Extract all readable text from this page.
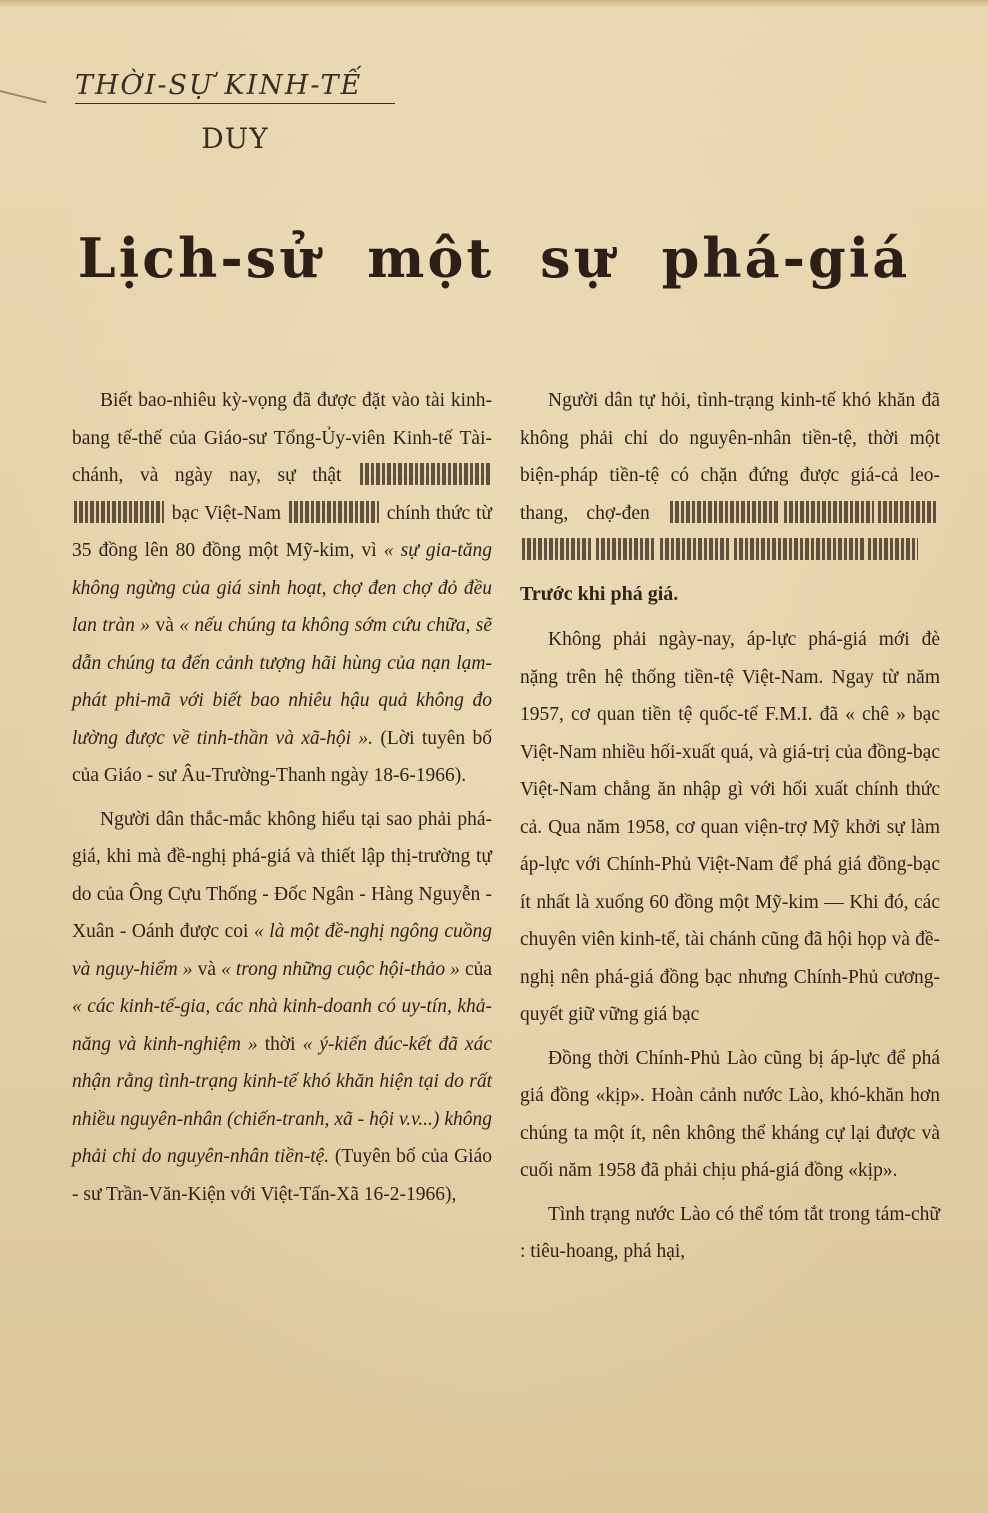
THỜI-SỰ KINH-TẾ
DUY
Lịch-sử một sự phá-giá

Biết bao-nhiêu kỳ-vọng đã được đặt vào tài kinh-bang tế-thế của Giáo-sư Tổng-Ủy-viên Kinh-tế Tài-chánh, và ngày nay, sự thật  bạc Việt-Nam	chính thức từ 35 đồng lên 80 đồng một Mỹ-kim, vì « sự gia-tăng không ngừng của giá sinh hoạt, chợ đen chợ đỏ đều lan tràn » và « nếu chúng ta không sớm cứu chữa, sẽ dẫn chúng ta đến cảnh tượng hãi hùng của nạn lạm-phát phi-mã với biết bao nhiêu hậu quả không đo lường được về tinh-thần và xã-hội ». (Lời tuyên bố của Giáo - sư Âu-Trường-Thanh ngày 18-6-1966).

Người dân thắc-mắc không hiểu tại sao phải phá-giá, khi mà đề-nghị phá-giá và thiết lập thị-trường tự do của Ông Cựu Thống - Đốc Ngân - Hàng Nguyễn - Xuân - Oánh được coi « là một đề-nghị ngông cuồng và nguy-hiểm » và « trong những cuộc hội-thảo » của « các kinh-tế-gia, các nhà kinh-doanh có uy-tín, khả-năng và kinh-nghiệm » thời « ý-kiến đúc-kết đã xác nhận rằng tình-trạng kinh-tế khó khăn hiện tại do rất nhiều nguyên-nhân (chiến-tranh, xã - hội v.v...) không phải chỉ do nguyên-nhân tiền-tệ. (Tuyên bố của Giáo - sư Trần-Văn-Kiện với Việt-Tấn-Xã 16-2-1966),

Người dân tự hỏi, tình-trạng kinh-tế khó khăn đã không phải chỉ do nguyên-nhân tiền-tệ, thời một biện-pháp tiền-tệ có chặn đứng được giá-cả leo-thang, chợ-đen

Trước khi phá giá.

Không phải ngày-nay, áp-lực phá-giá mới đè nặng trên hệ thống tiền-tệ Việt-Nam. Ngay từ năm 1957, cơ quan tiền tệ quốc-tế F.M.I. đã « chê » bạc Việt-Nam nhiều hối-xuất quá, và giá-trị của đồng-bạc Việt-Nam chẳng ăn nhập gì với hối xuất chính thức cả. Qua năm 1958, cơ quan viện-trợ Mỹ khởi sự làm áp-lực với Chính-Phủ Việt-Nam để phá giá đồng-bạc ít nhất là xuống 60 đồng một Mỹ-kim — Khi đó, các chuyên viên kinh-tế, tài chánh cũng đã hội họp và đề-nghị nên phá-giá đồng bạc nhưng Chính-Phủ cương-quyết giữ vững giá bạc

Đồng thời Chính-Phủ Lào cũng bị áp-lực để phá giá đồng «kịp». Hoàn cảnh nước Lào, khó-khăn hơn chúng ta một ít, nên không thể kháng cự lại được và cuối năm 1958 đã phải chịu phá-giá đồng «kịp».

Tình trạng nước Lào có thể tóm tắt trong tám-chữ : tiêu-hoang, phá hại,
